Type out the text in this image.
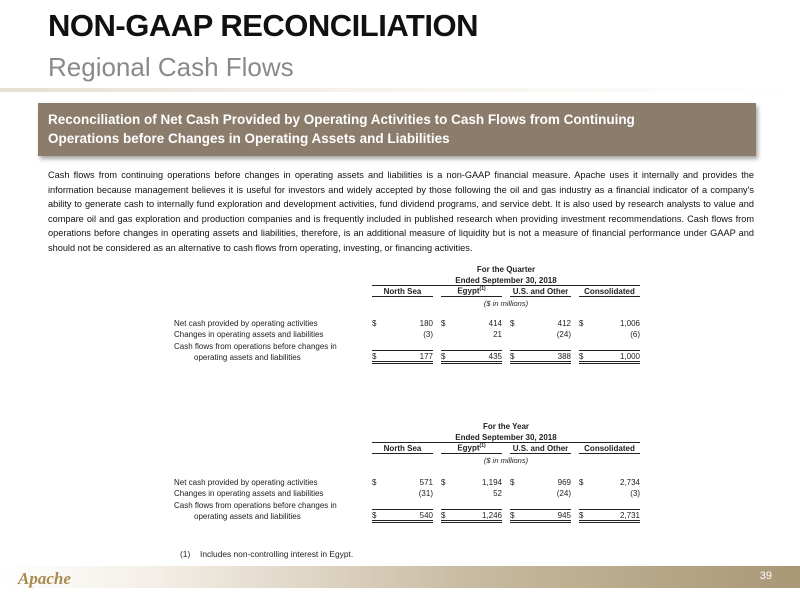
NON-GAAP RECONCILIATION
Regional Cash Flows
Reconciliation of Net Cash Provided by Operating Activities to Cash Flows from Continuing
Operations before Changes in Operating Assets and Liabilities

Cash flows from continuing operations before changes in operating assets and liabilities is a non-GAAP financial measure. Apache uses it internally and provides the information because management believes it is useful for investors and widely accepted by those following the oil and gas industry as a financial indicator of a company's ability to generate cash to internally fund exploration and development activities, fund dividend programs, and service debt. It is also used by research analysts to value and compare oil and gas exploration and production companies and is frequently included in published research when providing investment recommendations. Cash flows from operations before changes in operating assets and liabilities, therefore, is an additional measure of liquidity but is not a measure of financial performance under GAAP and should not be considered as an alternative to cash flows from operating, investing, or financing activities.

		For the Quarter										
		Ended September 30, 2018										
		North Sea			Egypt$^{(1)}$			U.S. and Other			Consolidated	
		($ in millions)										

Net cash provided by operating activities		$	180		$	414		$	412		$	1,006
Changes in operating assets and liabilities			(3)			21			(24)			(6)
Cash flows from operations before changes in												
operating assets and liabilities		$	177		$	435		$	388		$	1,000
		For the Year										
		Ended September 30, 2018										
		North Sea			Egypt$^{(1)}$			U.S. and Other			Consolidated	
		($ in millions)										

Net cash provided by operating activities		$	571		$	1,194		$	969		$	2,734
Changes in operating assets and liabilities			(31)			52			(24)			(3)
Cash flows from operations before changes in												
operating assets and liabilities		$	540		$	1,246		$	945		$	2,731
(1) Includes non-controlling interest in Egypt.
Apache	39
